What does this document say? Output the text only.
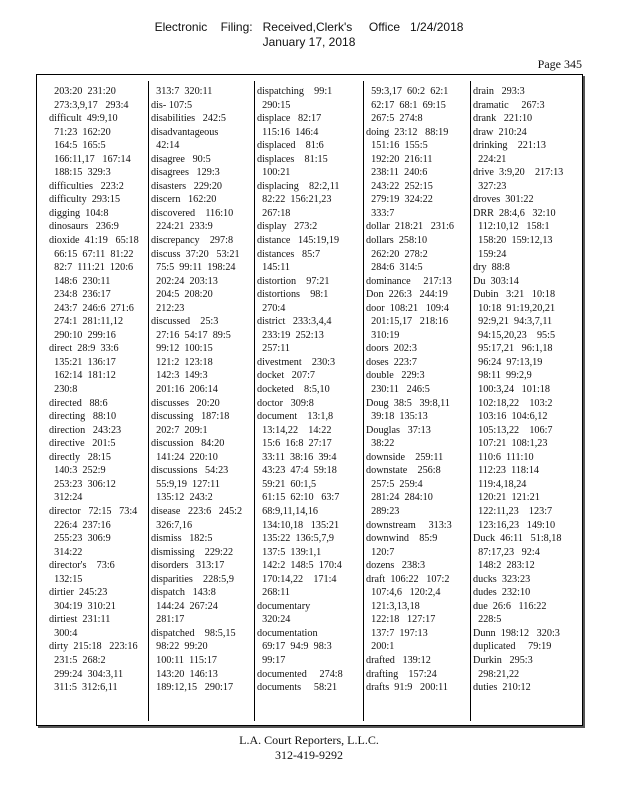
Electronic    Filing:   Received,Clerk's     Office   1/24/2018
January 17, 2018
Page 345
203:20  231:20
273:3,9,17   293:4
difficult  49:9,10
71:23  162:20
164:5  165:5
166:11,17   167:14
188:15  329:3
difficulties   223:2
difficulty  293:15
digging  104:8
dinosaurs   236:9
dioxide  41:19   65:18
66:15  67:11  81:22
82:7  111:21  120:6
148:6  230:11
234:8  236:17
243:7  246:6  271:6
274:1  281:11,12
290:10  299:16
direct  28:9  33:6
135:21  136:17
162:14  181:12
230:8
directed   88:6
directing   88:10
direction   243:23
directive   201:5
directly   28:15
140:3  252:9
253:23  306:12
312:24
director   72:15   73:4
226:4  237:16
255:23  306:9
314:22
director's    73:6
132:15
dirtier  245:23
304:19  310:21
dirtiest  231:11
300:4
dirty  215:18   223:16
231:5  268:2
299:24  304:3,11
311:5  312:6,11
313:7  320:11
dis- 107:5
disabilities   242:5
disadvantageous
42:14
disagree   90:5
disagrees   129:3
disasters   229:20
discern   162:20
discovered    116:10
224:21  233:9
discrepancy    297:8
discuss  37:20   53:21
75:5  99:11  198:24
202:24  203:13
204:5  208:20
212:23
discussed    25:3
27:16  54:17  89:5
99:12  100:15
121:2  123:18
142:3  149:3
201:16  206:14
discusses   20:20
discussing   187:18
202:7  209:1
discussion   84:20
141:24  220:10
discussions   54:23
55:9,19  127:11
135:12  243:2
disease   223:6   245:2
326:7,16
dismiss   182:5
dismissing    229:22
disorders   313:17
disparities    228:5,9
dispatch   143:8
144:24  267:24
281:17
dispatched    98:5,15
98:22  99:20
100:11  115:17
143:20  146:13
189:12,15   290:17
dispatching    99:1
290:15
displace   82:17
115:16  146:4
displaced    81:6
displaces    81:15
100:21
displacing    82:2,11
82:22  156:21,23
267:18
display   273:2
distance   145:19,19
distances   85:7
145:11
distortion    97:21
distortions    98:1
270:4
district   233:3,4,4
233:19  252:13
257:11
divestment    230:3
docket   207:7
docketed    8:5,10
doctor   309:8
document    13:1,8
13:14,22    14:22
15:6  16:8  27:17
33:11  38:16  39:4
43:23  47:4  59:18
59:21  60:1,5
61:15  62:10   63:7
68:9,11,14,16
134:10,18   135:21
135:22  136:5,7,9
137:5  139:1,1
142:2  148:5  170:4
170:14,22    171:4
268:11
documentary
320:24
documentation
69:17  94:9  98:3
99:17
documented     274:8
documents     58:21
59:3,17  60:2  62:1
62:17  68:1  69:15
267:5  274:8
doing  23:12   88:19
151:16  155:5
192:20  216:11
238:11  240:6
243:22  252:15
279:19  324:22
333:7
dollar  218:21   231:6
dollars  258:10
262:20  278:2
284:6  314:5
dominance     217:13
Don  226:3   244:19
door  108:21   109:4
201:15,17   218:16
310:19
doors  202:3
doses  223:7
double   229:3
230:11   246:5
Doug  38:5   39:8,11
39:18  135:13
Douglas   37:13
38:22
downside    259:11
downstate    256:8
257:5  259:4
281:24  284:10
289:23
downstream     313:3
downwind    85:9
120:7
dozens   238:3
draft  106:22   107:2
107:4,6   120:2,4
121:3,13,18
122:18   127:17
137:7  197:13
200:1
drafted   139:12
drafting    157:24
drafts  91:9   200:11
drain   293:3
dramatic     267:3
drank   221:10
draw  210:24
drinking    221:13
224:21
drive  3:9,20    217:13
327:23
droves  301:22
DRR  28:4,6   32:10
112:10,12   158:1
158:20  159:12,13
159:24
dry  88:8
Du  303:14
Dubin   3:21   10:18
10:18  91:19,20,21
92:9,21  94:3,7,11
94:15,20,23    95:5
95:17,21   96:1,18
96:24  97:13,19
98:11  99:2,9
100:3,24   101:18
102:18,22    103:2
103:16  104:6,12
105:13,22    106:7
107:21  108:1,23
110:6  111:10
112:23  118:14
119:4,18,24
120:21  121:21
122:11,23    123:7
123:16,23   149:10
Duck  46:11   51:8,18
87:17,23   92:4
148:2  283:12
ducks  323:23
dudes  232:10
due  26:6   116:22
228:5
Dunn  198:12   320:3
duplicated     79:19
Durkin   295:3
298:21,22
duties  210:12
L.A. Court Reporters, L.L.C.
312-419-9292
